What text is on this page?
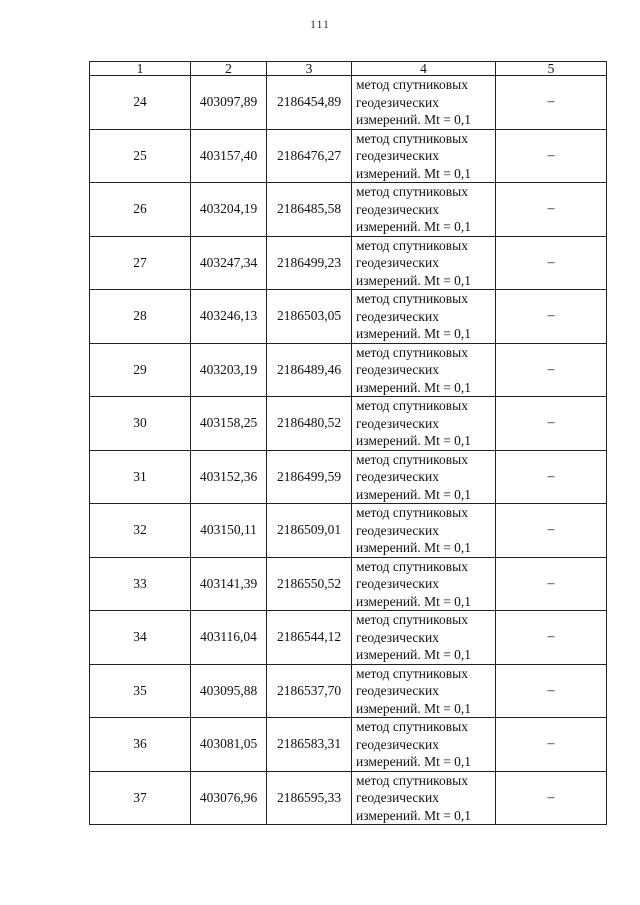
111
1	2	3	4	5
24	403097,89	2186454,89	метод спутниковых
геодезических
измерений. Mt = 0,1	–
25	403157,40	2186476,27	метод спутниковых
геодезических
измерений. Mt = 0,1	–
26	403204,19	2186485,58	метод спутниковых
геодезических
измерений. Mt = 0,1	–
27	403247,34	2186499,23	метод спутниковых
геодезических
измерений. Mt = 0,1	–
28	403246,13	2186503,05	метод спутниковых
геодезических
измерений. Mt = 0,1	–
29	403203,19	2186489,46	метод спутниковых
геодезических
измерений. Mt = 0,1	–
30	403158,25	2186480,52	метод спутниковых
геодезических
измерений. Mt = 0,1	–
31	403152,36	2186499,59	метод спутниковых
геодезических
измерений. Mt = 0,1	–
32	403150,11	2186509,01	метод спутниковых
геодезических
измерений. Mt = 0,1	–
33	403141,39	2186550,52	метод спутниковых
геодезических
измерений. Mt = 0,1	–
34	403116,04	2186544,12	метод спутниковых
геодезических
измерений. Mt = 0,1	–
35	403095,88	2186537,70	метод спутниковых
геодезических
измерений. Mt = 0,1	–
36	403081,05	2186583,31	метод спутниковых
геодезических
измерений. Mt = 0,1	–
37	403076,96	2186595,33	метод спутниковых
геодезических
измерений. Mt = 0,1	–
